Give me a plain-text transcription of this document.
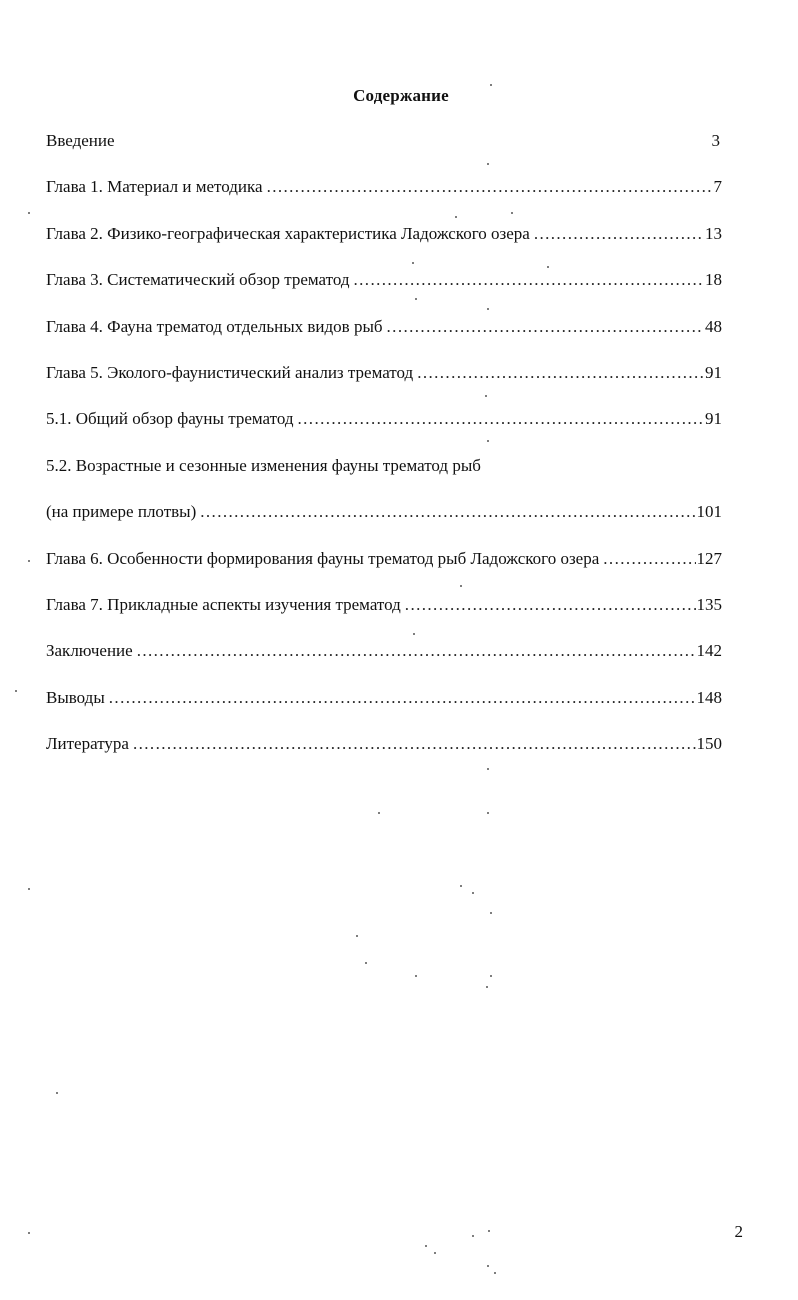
Содержание
Введение	3
Глава 1. Материал и методика .....	7
Глава 2. Физико-географическая характеристика Ладожского озера .....	13
Глава 3. Систематический обзор трематод .....	18
Глава 4. Фауна трематод отдельных видов рыб .....	48
Глава 5. Эколого-фаунистический анализ трематод .....	91
5.1. Общий обзор фауны трематод .....	91
5.2. Возрастные и сезонные изменения фауны трематод рыб
(на примере плотвы) .....	101
Глава 6. Особенности формирования фауны трематод рыб Ладожского озера .....	127
Глава 7. Прикладные аспекты изучения трематод .....	135
Заключение .....	142
Выводы .....	148
Литература .....	150
2
